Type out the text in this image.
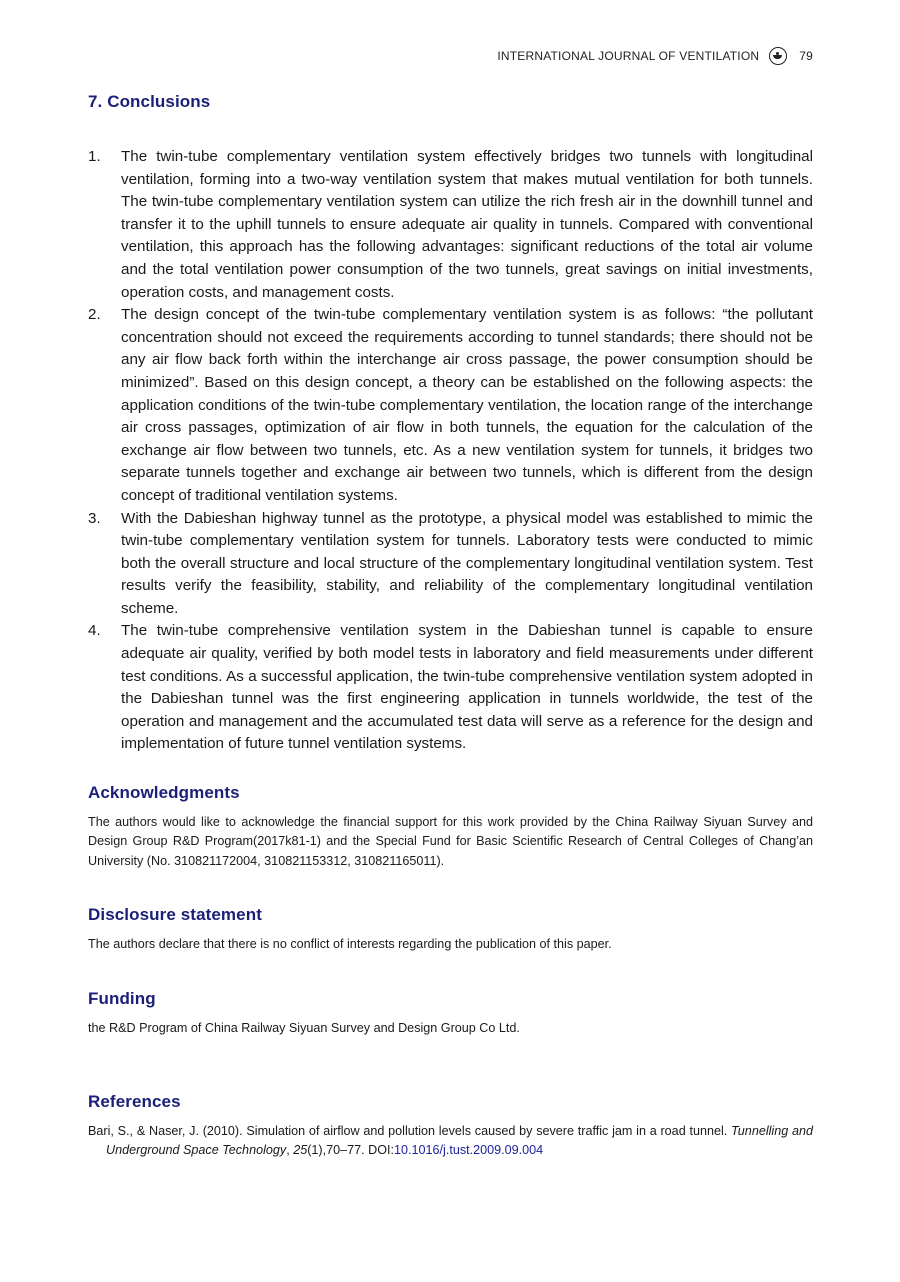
INTERNATIONAL JOURNAL OF VENTILATION	79
7. Conclusions
1. The twin-tube complementary ventilation system effectively bridges two tunnels with longitudinal ventilation, forming into a two-way ventilation system that makes mutual ventilation for both tunnels. The twin-tube complementary ventilation system can utilize the rich fresh air in the downhill tunnel and transfer it to the uphill tunnels to ensure adequate air quality in tunnels. Compared with conventional ventilation, this approach has the following advantages: significant reductions of the total air volume and the total ventilation power consumption of the two tunnels, great savings on initial investments, operation costs, and management costs.
2. The design concept of the twin-tube complementary ventilation system is as follows: “the pollutant concentration should not exceed the requirements according to tunnel standards; there should not be any air flow back forth within the interchange air cross passage, the power consumption should be minimized”. Based on this design concept, a theory can be established on the following aspects: the application conditions of the twin-tube complementary ventilation, the location range of the interchange air cross passages, optimization of air flow in both tunnels, the equation for the calculation of the exchange air flow between two tunnels, etc. As a new ventilation system for tunnels, it bridges two separate tunnels together and exchange air between two tunnels, which is different from the design concept of traditional ventilation systems.
3. With the Dabieshan highway tunnel as the prototype, a physical model was established to mimic the twin-tube complementary ventilation system for tunnels. Laboratory tests were conducted to mimic both the overall structure and local structure of the complementary longitudinal ventilation system. Test results verify the feasibility, stability, and reliability of the complementary longitudinal ventilation scheme.
4. The twin-tube comprehensive ventilation system in the Dabieshan tunnel is capable to ensure adequate air quality, verified by both model tests in laboratory and field measurements under different test conditions. As a successful application, the twin-tube comprehensive ventilation system adopted in the Dabieshan tunnel was the first engineering application in tunnels worldwide, the test of the operation and management and the accumulated test data will serve as a reference for the design and implementation of future tunnel ventilation systems.
Acknowledgments

The authors would like to acknowledge the financial support for this work provided by the China Railway Siyuan Survey and Design Group R&D Program(2017k81-1) and the Special Fund for Basic Scientific Research of Central Colleges of Chang’an University (No. 310821172004, 310821153312, 310821165011).

Disclosure statement

The authors declare that there is no conflict of interests regarding the publication of this paper.

Funding

the R&D Program of China Railway Siyuan Survey and Design Group Co Ltd.

References
Bari, S., & Naser, J. (2010). Simulation of airflow and pollution levels caused by severe traffic jam in a road tunnel. Tunnelling and Underground Space Technology, 25(1),70–77. DOI:10.1016/j.tust.2009.09.004
